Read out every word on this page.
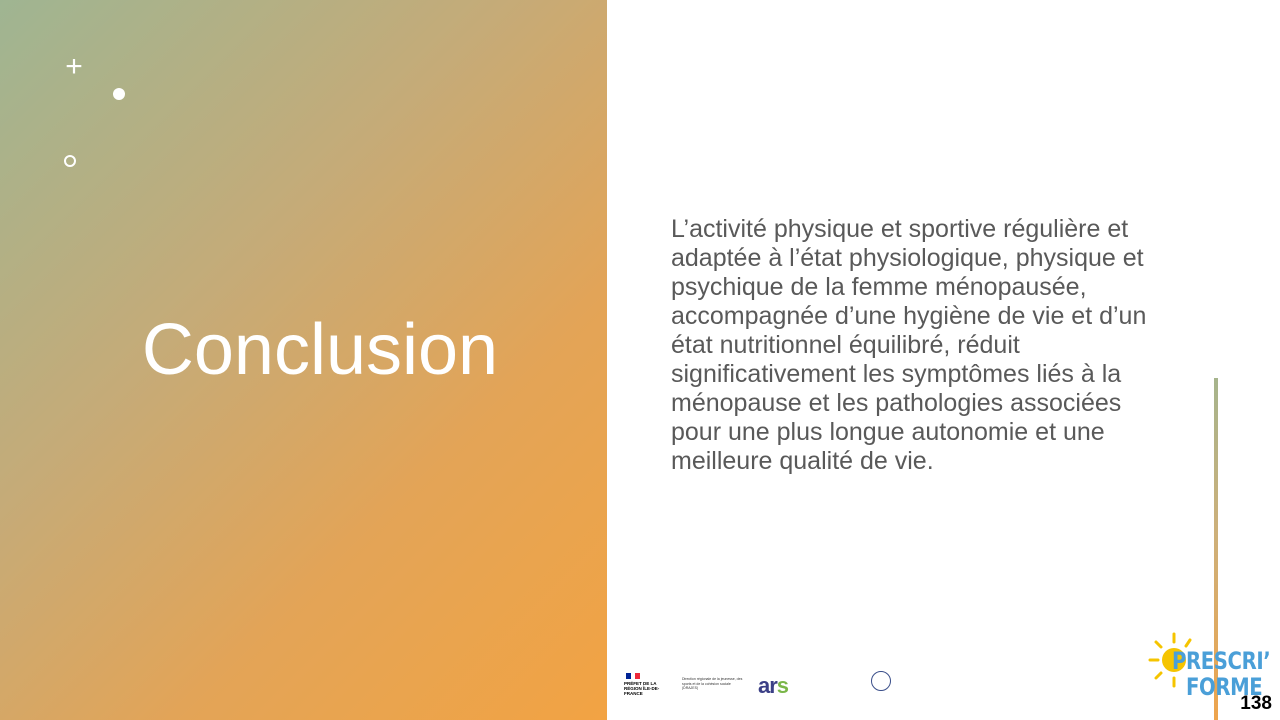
+
Conclusion

L’activité physique et sportive régulière et adaptée à l’état physiologique, physique et psychique de la femme ménopausée, accompagnée d’une hygiène de vie et d’un état nutritionnel équilibré, réduit significativement les symptômes liés à la ménopause et les pathologies associées pour une plus longue autonomie et une meilleure qualité de vie.

PRÉFET DE LA RÉGION ÎLE-DE-FRANCE
Direction régionale de la jeunesse, des sports et de la cohésion sociale (DRAJES)	ars
PRESCRI’
FORME
138
